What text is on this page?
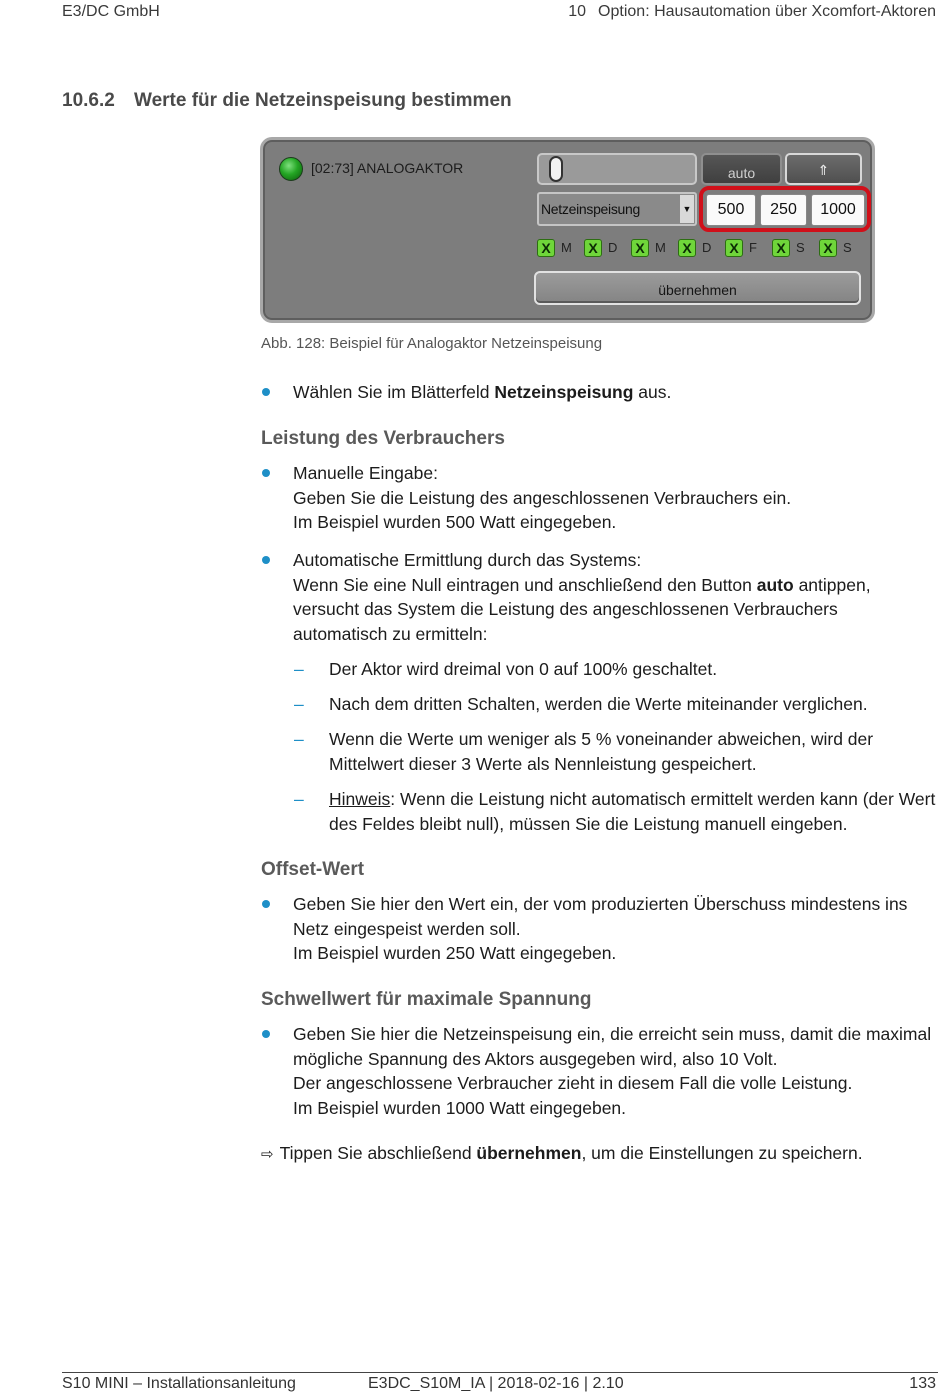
E3/DC GmbH	10 Option: Hausautomation über Xcomfort-Aktoren
10.6.2 Werte für die Netzeinspeisung bestimmen
[02:73] ANALOGAKTOR	auto	⇑
Netzeinspeisung	▼	500	250	1000
X M	X D	X M	X D	X F	X S	X S
übernehmen
Abb. 128: Beispiel für Analogaktor Netzeinspeisung
Wählen Sie im Blätterfeld Netzeinspeisung aus.
Leistung des Verbrauchers
Manuelle Eingabe:
Geben Sie die Leistung des angeschlossenen Verbrauchers ein.
Im Beispiel wurden 500 Watt eingegeben.
Automatische Ermittlung durch das Systems:
Wenn Sie eine Null eintragen und anschließend den Button auto antippen, versucht das System die Leistung des angeschlossenen Verbrauchers automatisch zu ermitteln:
– Der Aktor wird dreimal von 0 auf 100% geschaltet.
– Nach dem dritten Schalten, werden die Werte miteinander verglichen.
– Wenn die Werte um weniger als 5 % voneinander abweichen, wird der Mittelwert dieser 3 Werte als Nennleistung gespeichert.
– Hinweis: Wenn die Leistung nicht automatisch ermittelt werden kann (der Wert des Feldes bleibt null), müssen Sie die Leistung manuell eingeben.
Offset-Wert
Geben Sie hier den Wert ein, der vom produzierten Überschuss mindestens ins Netz eingespeist werden soll.
Im Beispiel wurden 250 Watt eingegeben.
Schwellwert für maximale Spannung
Geben Sie hier die Netzeinspeisung ein, die erreicht sein muss, damit die maximal mögliche Spannung des Aktors ausgegeben wird, also 10 Volt.
Der angeschlossene Verbraucher zieht in diesem Fall die volle Leistung.
Im Beispiel wurden 1000 Watt eingegeben.
⇨ Tippen Sie abschließend übernehmen, um die Einstellungen zu speichern.
S10 MINI – Installationsanleitung	E3DC_S10M_IA | 2018-02-16 | 2.10	133
